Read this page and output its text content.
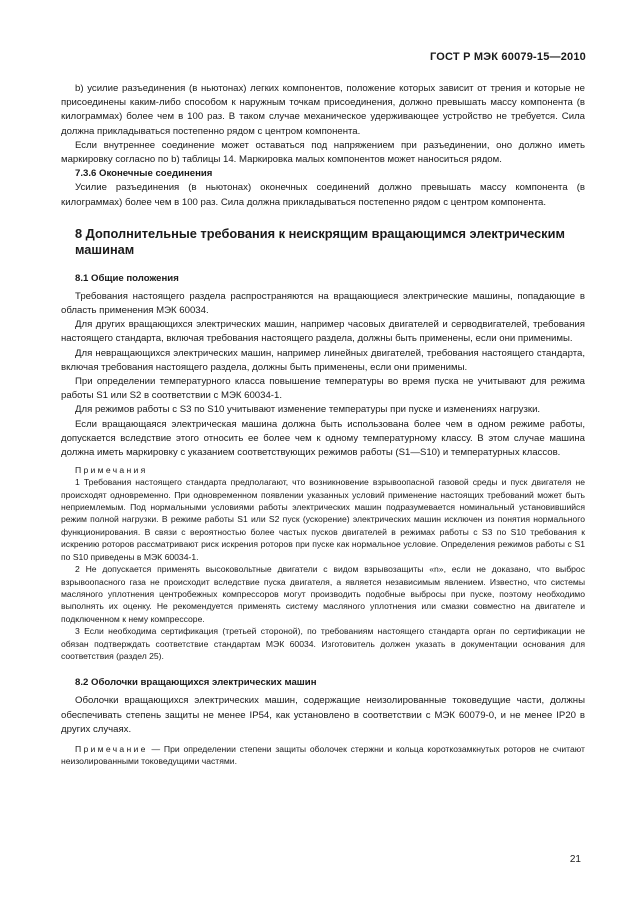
ГОСТ Р МЭК 60079-15—2010

b) усилие разъединения (в ньютонах) легких компонентов, положение которых зависит от трения и которые не присоединены каким-либо способом к наружным точкам присоединения, должно превышать массу компонента (в килограммах) более чем в 100 раз. В таком случае механическое удерживающее устройство не требуется. Сила должна прикладываться постепенно рядом с центром компонента.

Если внутреннее соединение может оставаться под напряжением при разъединении, оно должно иметь маркировку согласно по b) таблицы 14. Маркировка малых компонентов может наноситься рядом.

7.3.6 Оконечные соединения

Усилие разъединения (в ньютонах) оконечных соединений должно превышать массу компонента (в килограммах) более чем в 100 раз. Сила должна прикладываться постепенно рядом с центром компонента.

8 Дополнительные требования к неискрящим вращающимся электрическим машинам
8.1 Общие положения

Требования настоящего раздела распространяются на вращающиеся электрические машины, попадающие в область применения МЭК 60034.

Для других вращающихся электрических машин, например часовых двигателей и серводвигателей, требования настоящего стандарта, включая требования настоящего раздела, должны быть применены, если они применимы.

Для невращающихся электрических машин, например линейных двигателей, требования настоящего стандарта, включая требования настоящего раздела, должны быть применены, если они применимы.

При определении температурного класса повышение температуры во время пуска не учитывают для режима работы S1 или S2 в соответствии с МЭК 60034-1.

Для режимов работы с S3 по S10 учитывают изменение температуры при пуске и изменениях нагрузки.

Если вращающаяся электрическая машина должна быть использована более чем в одном режиме работы, допускается вследствие этого относить ее более чем к одному температурному классу. В этом случае машина должна иметь маркировку с указанием соответствующих режимов работы (S1—S10) и температурных классов.

Примечания

1 Требования настоящего стандарта предполагают, что возникновение взрывоопасной газовой среды и пуск двигателя не происходят одновременно. При одновременном появлении указанных условий применение настоящих требований может быть неприемлемым. Под нормальными условиями работы электрических машин подразумевается номинальный установившийся режим полной нагрузки. В режиме работы S1 или S2 пуск (ускорение) электрических машин исключен из понятия нормального функционирования. В связи с вероятностью более частых пусков двигателей в режимах работы с S3 по S10 требования к искрению роторов рассматривают риск искрения роторов при пуске как нормальное условие. Определения режимов работы с S1 по S10 приведены в МЭК 60034-1.

2 Не допускается применять высоковольтные двигатели с видом взрывозащиты «n», если не доказано, что выброс взрывоопасного газа не происходит вследствие пуска двигателя, а является независимым явлением. Известно, что системы масляного уплотнения центробежных компрессоров могут производить подобные выбросы при пуске, поэтому необходимо выполнять их оценку. Не рекомендуется применять систему масляного уплотнения или смазки совместно на двигателе и подключенном к нему компрессоре.

3 Если необходима сертификация (третьей стороной), по требованиям настоящего стандарта орган по сертификации не обязан подтверждать соответствие стандартам МЭК 60034. Изготовитель должен указать в документации основания для соответствия (раздел 25).

8.2 Оболочки вращающихся электрических машин

Оболочки вращающихся электрических машин, содержащие неизолированные токоведущие части, должны обеспечивать степень защиты не менее IP54, как установлено в соответствии с МЭК 60079-0, и не менее IP20 в других случаях.

Примечание — При определении степени защиты оболочек стержни и кольца короткозамкнутых роторов не считают неизолированными токоведущими частями.

21
